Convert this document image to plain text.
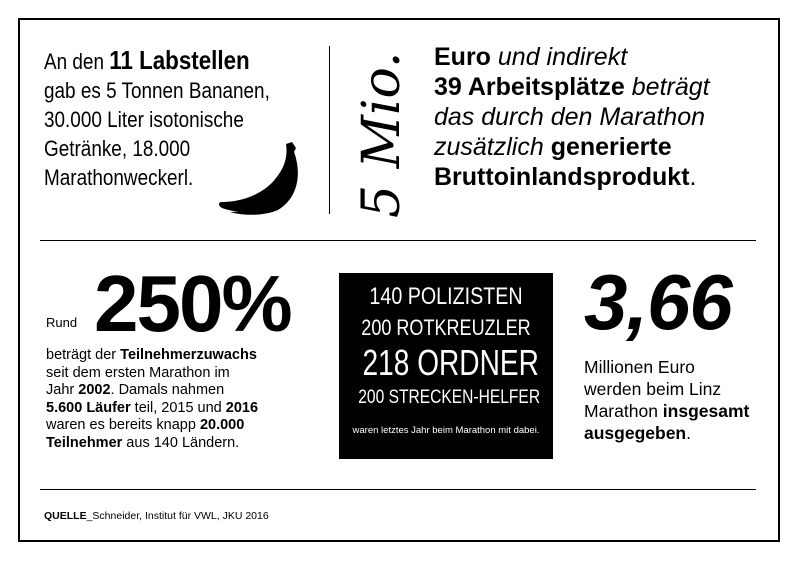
An den 11 Labstellen
gab es 5 Tonnen Bananen,
30.000 Liter isotonische
Getränke, 18.000
Marathonweckerl.	5 Mio. Euro und indirekt
39 Arbeitsplätze beträgt
das durch den Marathon
zusätzlich generierte
Bruttoinlandsprodukt.
Rund 250%
beträgt der Teilnehmerzuwachs
seit dem ersten Marathon im
Jahr 2002. Damals nahmen
5.600 Läufer teil, 2015 und 2016
waren es bereits knapp 20.000
Teilnehmer aus 140 Ländern.
140 POLIZISTEN
200 ROTKREUZLER
218 ORDNER
200 STRECKEN-HELFER
waren letztes Jahr beim Marathon mit dabei.
3,66
Millionen Euro
werden beim Linz
Marathon insgesamt
ausgegeben.
QUELLE_Schneider, Institut für VWL, JKU 2016
